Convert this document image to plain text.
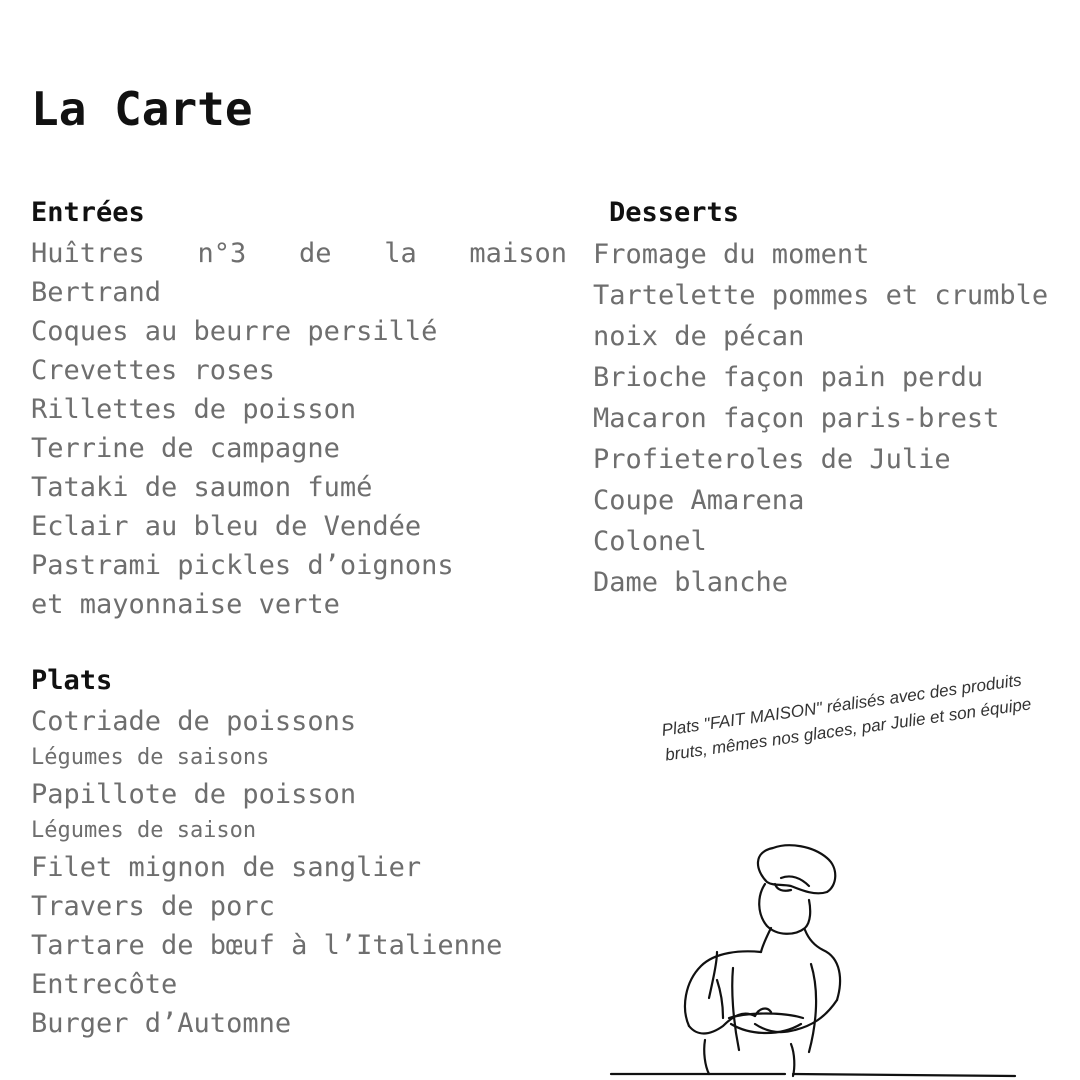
La Carte
Entrées
Huîtres n°3 de la maison
Bertrand
Coques au beurre persillé
Crevettes roses
Rillettes de poisson
Terrine de campagne
Tataki de saumon fumé
Eclair au bleu de Vendée
Pastrami pickles d’oignons
et mayonnaise verte
Plats
Cotriade de poissons
Légumes de saisons
Papillote de poisson
Légumes de saison
Filet mignon de sanglier
Travers de porc
Tartare de bœuf à l’Italienne
Entrecôte
Burger d’Automne
Desserts
Fromage du moment
Tartelette pommes et crumble
noix de pécan
Brioche façon pain perdu
Macaron façon paris-brest
Profieteroles de Julie
Coupe Amarena
Colonel
Dame blanche
Plats "FAIT MAISON" réalisés avec des produits bruts, mêmes nos glaces, par Julie et son équipe
